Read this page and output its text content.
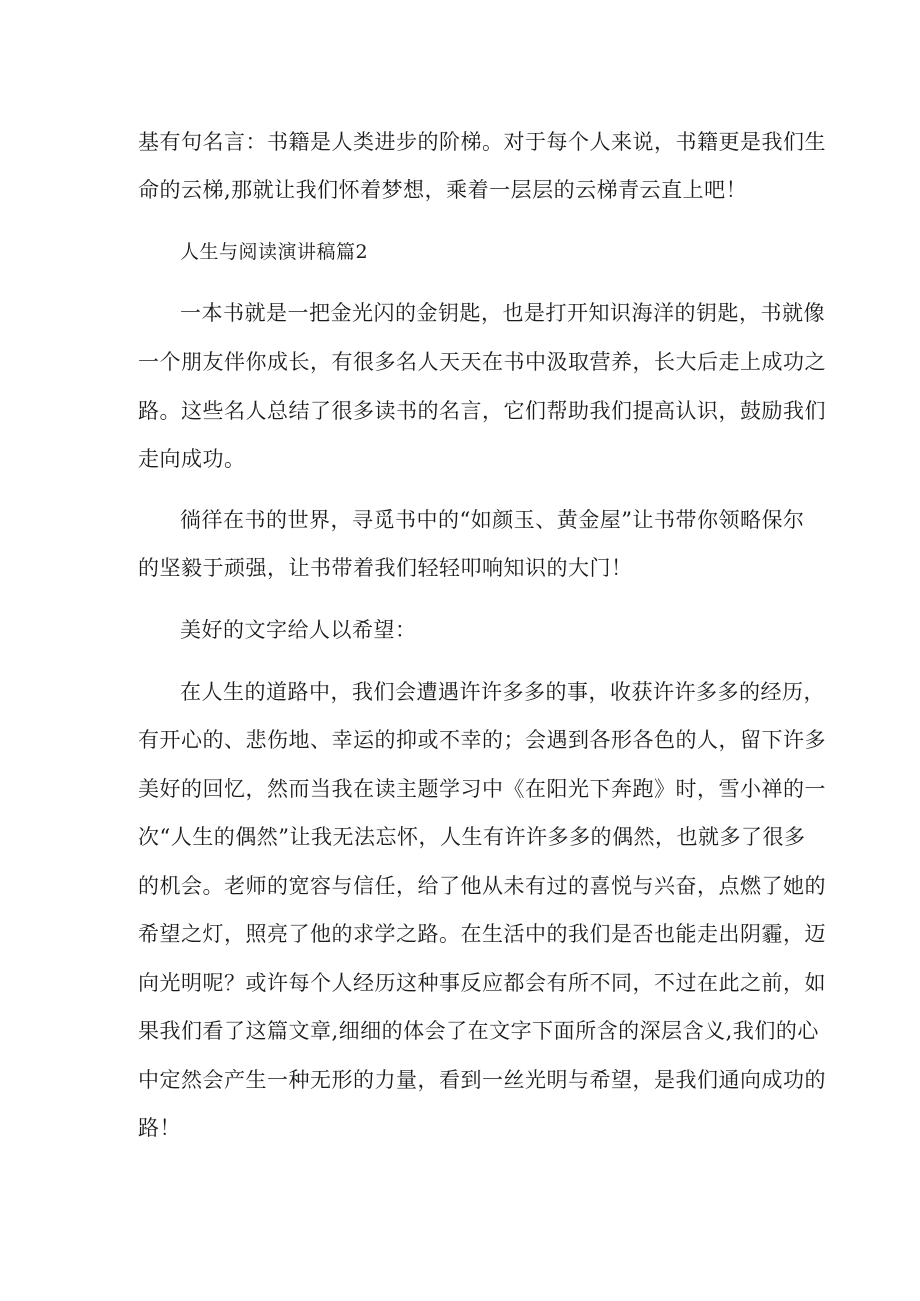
基有句名言：书籍是人类进步的阶梯。对于每个人来说，书籍更是我们生
命的云梯,那就让我们怀着梦想，乘着一层层的云梯青云直上吧！
人生与阅读演讲稿篇2
一本书就是一把金光闪的金钥匙，也是打开知识海洋的钥匙，书就像
一个朋友伴你成长，有很多名人天天在书中汲取营养，长大后走上成功之
路。这些名人总结了很多读书的名言，它们帮助我们提高认识，鼓励我们
走向成功。
徜徉在书的世界，寻觅书中的“如颜玉、黄金屋”让书带你领略保尔
的坚毅于顽强，让书带着我们轻轻叩响知识的大门！
美好的文字给人以希望：
在人生的道路中，我们会遭遇许许多多的事，收获许许多多的经历，
有开心的、悲伤地、幸运的抑或不幸的；会遇到各形各色的人，留下许多
美好的回忆，然而当我在读主题学习中《在阳光下奔跑》时，雪小禅的一
次“人生的偶然”让我无法忘怀，人生有许许多多的偶然，也就多了很多
的机会。老师的宽容与信任，给了他从未有过的喜悦与兴奋，点燃了她的
希望之灯，照亮了他的求学之路。在生活中的我们是否也能走出阴霾，迈
向光明呢？或许每个人经历这种事反应都会有所不同，不过在此之前，如
果我们看了这篇文章,细细的体会了在文字下面所含的深层含义,我们的心
中定然会产生一种无形的力量，看到一丝光明与希望，是我们通向成功的
路！
